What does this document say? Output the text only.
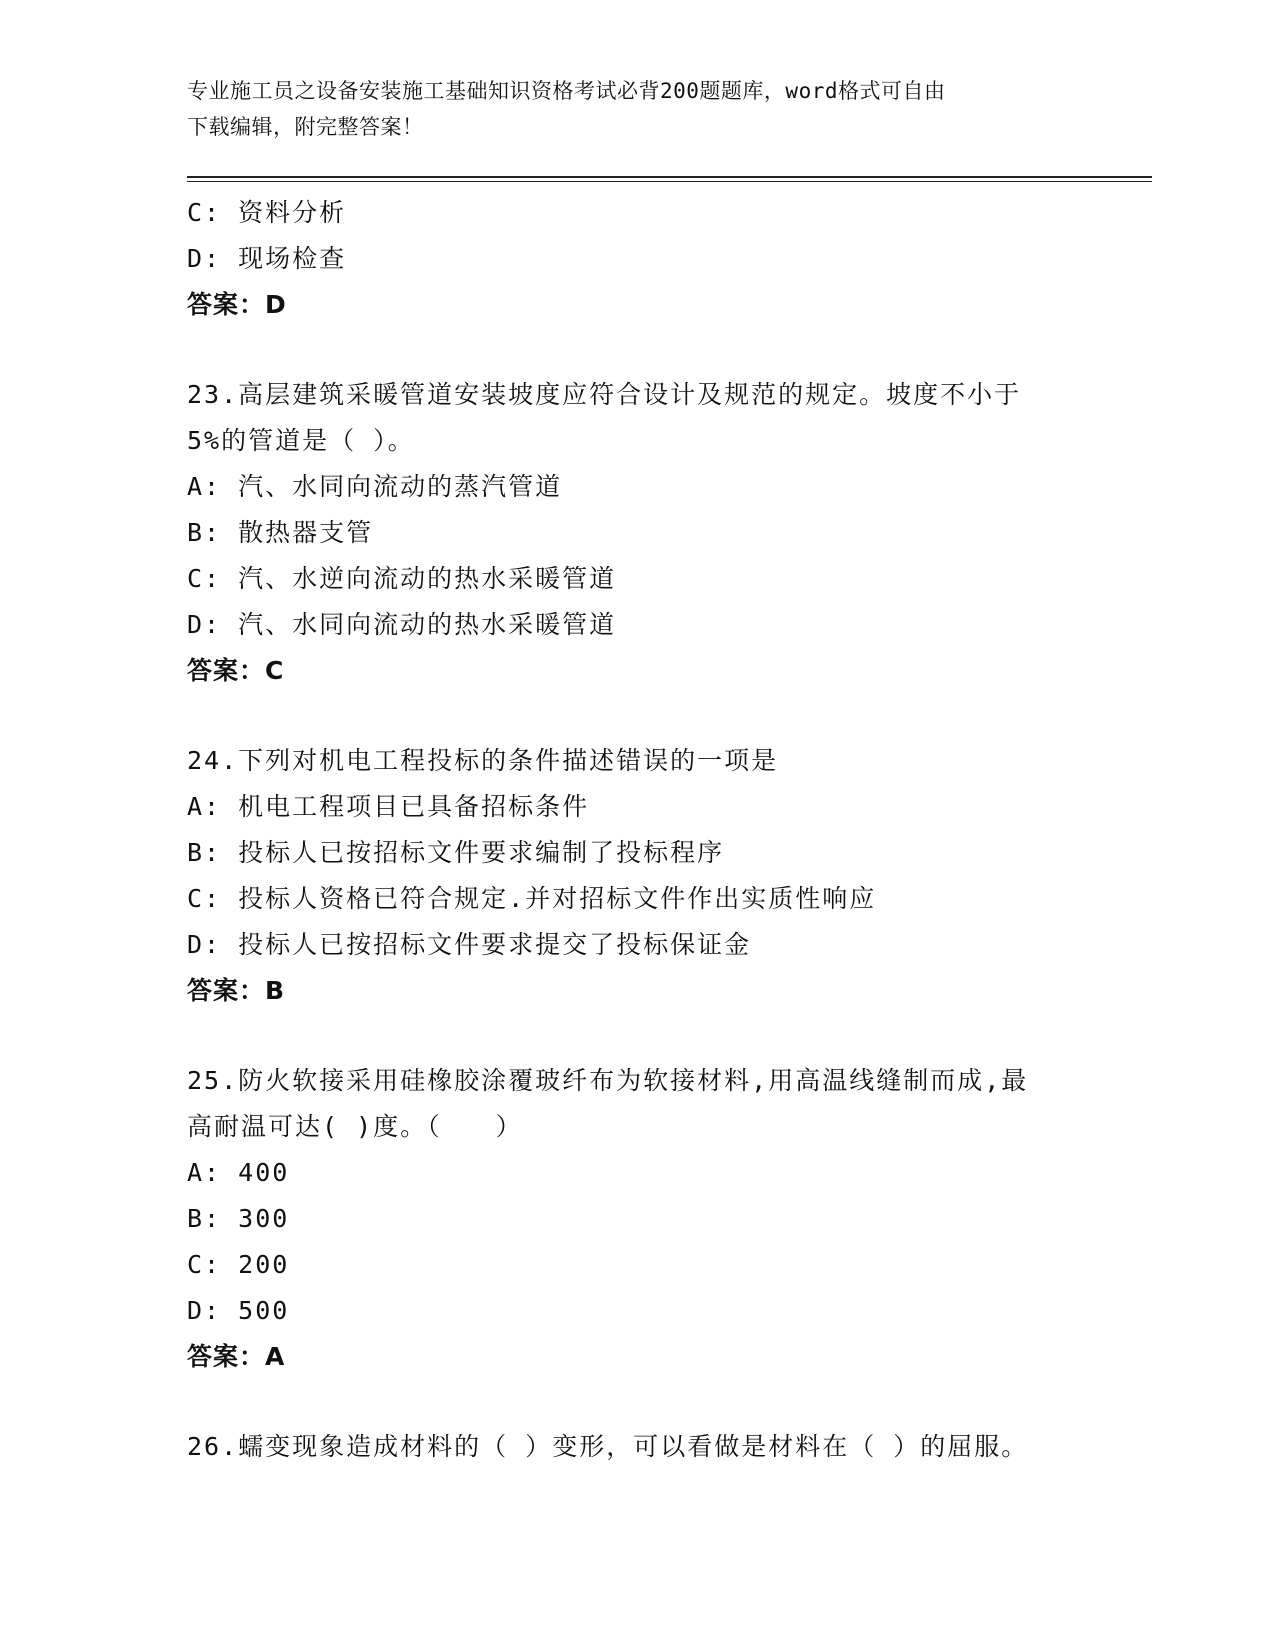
专业施工员之设备安装施工基础知识资格考试必背200题题库，word格式可自由
下载编辑，附完整答案！
C: 资料分析
D: 现场检查
答案：D
23.高层建筑采暖管道安装坡度应符合设计及规范的规定。坡度不小于
5%的管道是（ ）。
A: 汽、水同向流动的蒸汽管道
B: 散热器支管
C: 汽、水逆向流动的热水采暖管道
D: 汽、水同向流动的热水采暖管道
答案：C
24.下列对机电工程投标的条件描述错误的一项是
A: 机电工程项目已具备招标条件
B: 投标人已按招标文件要求编制了投标程序
C: 投标人资格已符合规定.并对招标文件作出实质性响应
D: 投标人已按招标文件要求提交了投标保证金
答案：B
25.防火软接采用硅橡胶涂覆玻纤布为软接材料,用高温线缝制而成,最
高耐温可达( )度。（　　）
A: 400
B: 300
C: 200
D: 500
答案：A
26.蠕变现象造成材料的（ ）变形，可以看做是材料在（ ）的屈服。
